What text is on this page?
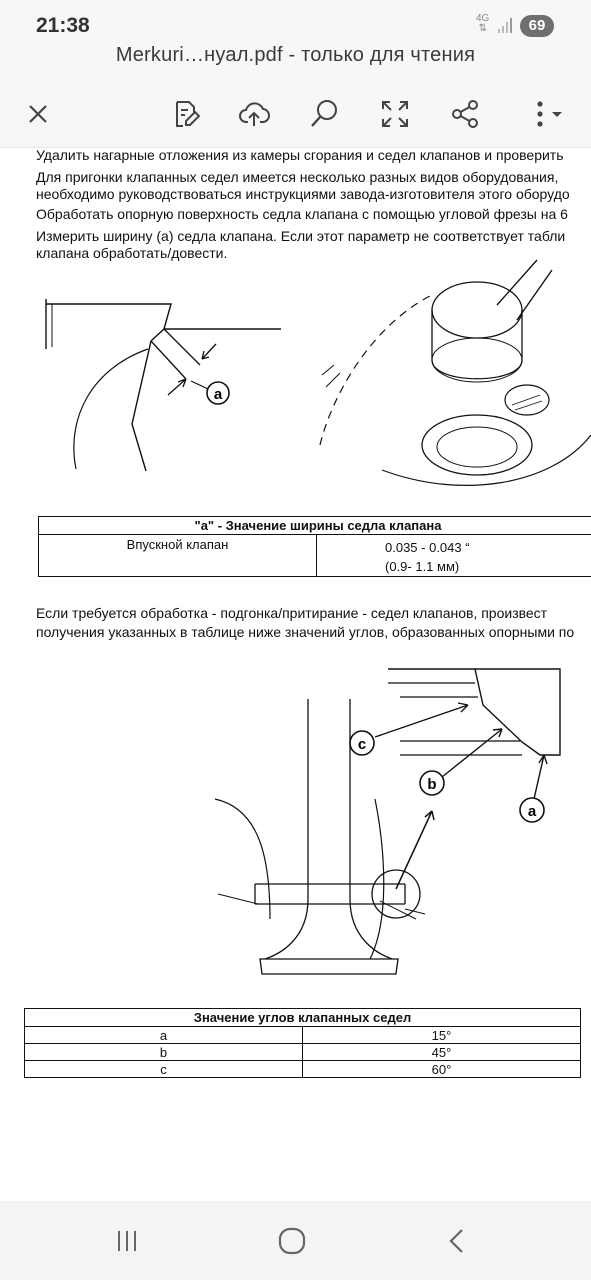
21:38	4G
⇅	69
Merkuri…нуал.pdf - только для чтения
Удалить нагарные отложения из камеры сгорания и седел клапанов и проверить
Для пригонки клапанных седел имеется несколько разных видов оборудования,
необходимо руководствоваться инструкциями завода-изготовителя этого оборудо
Обработать опорную поверхность седла клапана с помощью угловой фрезы на 6
Измерить ширину (а) седла клапана. Если этот параметр не соответствует табли
клапана обработать/довести.
a
"а" - Значение ширины седла клапана
Впускной клапан	0.035 - 0.043 “
(0.9- 1.1 мм)
Если требуется обработка - подгонка/притирание - седел клапанов, произвест
получения указанных в таблице ниже значений углов, образованных опорными по
c
b
a
Значение углов клапанных седел	
a	15°
b	45°
c	60°
